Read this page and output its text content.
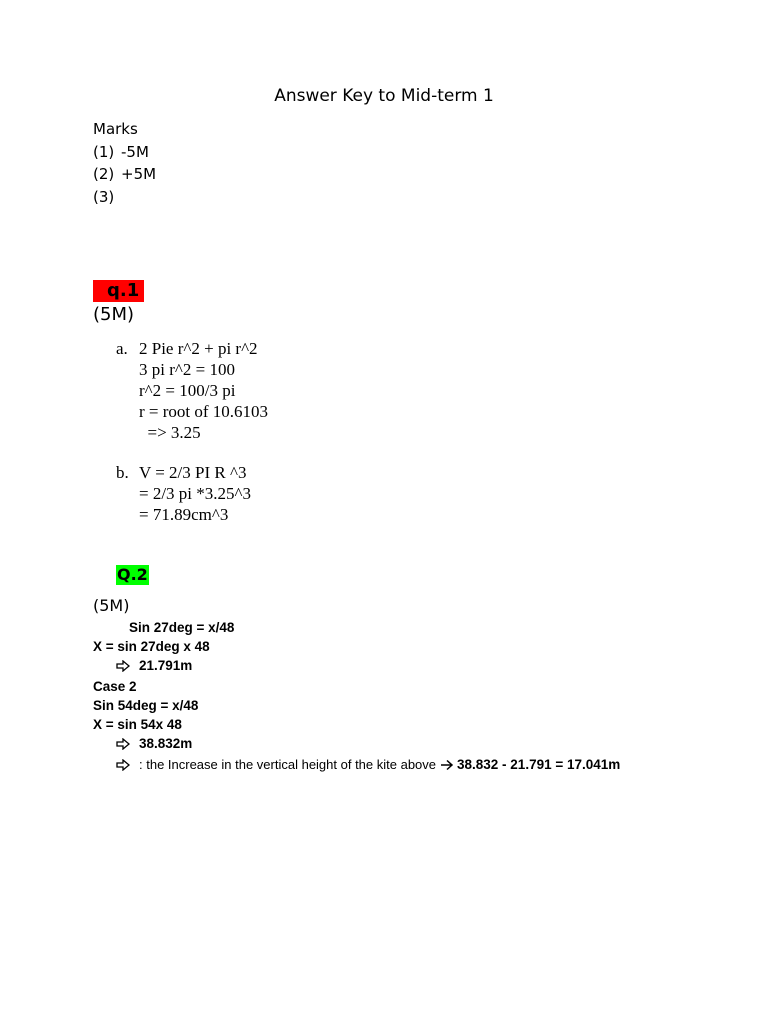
Answer Key to Mid-term 1
Marks
(1) -5M
(2) +5M
(3)
q.1
(5M)
a. 2 Pie r^2 + pi r^2
3 pi r^2 = 100
r^2 = 100/3 pi
r = root of 10.6103
=> 3.25
b. V = 2/3 PI R ^3
= 2/3 pi *3.25^3
= 71.89cm^3
Q.2
(5M)
Sin 27deg = x/48
X = sin 27deg x 48
21.791m
Case 2
Sin 54deg = x/48
X = sin 54x 48
38.832m
: the Increase in the vertical height of the kite above 38.832 - 21.791 = 17.041m
